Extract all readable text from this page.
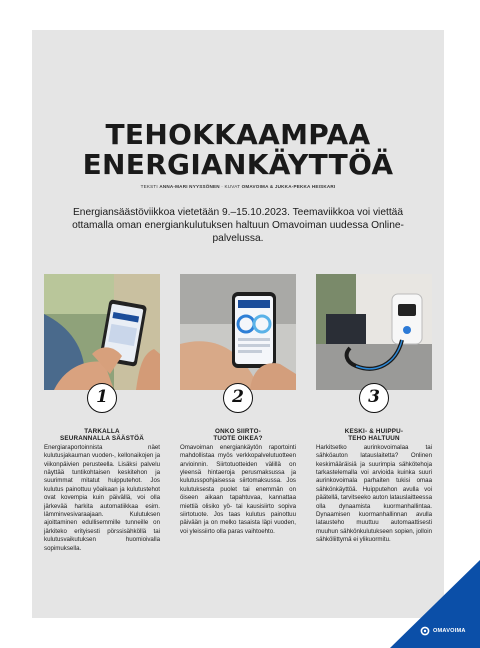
TEHOKKAAMPAA
ENERGIANKÄYTTÖÄ
TEKSTI ANNA-MARI NYYSSÖNEN · KUVAT OMAVOIMA & JUKKA-PEKKA HEISKARI
Energiansäästöviikkoa vietetään 9.–15.10.2023. Teemaviikkoa voi viettää ottamalla oman energiankulutuksen haltuun Omavoiman uudessa Online-palvelussa.
1	2	3
TARKALLA
SEURANNALLA SÄÄSTÖÄ

Energiaraportoinnista näet kulutusjakauman vuoden-, kellonaikojen ja viikonpäivien perusteella. Lisäksi palvelu näyttää tuntikohtaisen keskitehon ja suurimmat mitatut huipputehot. Jos kulutus painottuu yöaikaan ja kulutustehot ovat kovempia kuin päivällä, voi olla järkevää harkita automatiikkaa esim. lämminvesivaraajaan. Kulutuksen ajoittaminen edullisemmille tunneille on järkiteko erityisesti pörssisähköllä tai kulutusvaikutuksen huomioivalla sopimuksella.

ONKO SIIRTO-
TUOTE OIKEA?

Omavoiman energiankäytön raportointi mahdollistaa myös verkkopalvelutuotteen arvioinnin. Siirtotuotteiden välillä on yleensä hintaeroja perusmaksussa ja kulutusspohjaisessa siirtomaksussa. Jos kulutuksesta puolet tai enemmän on öiseen aikaan tapahtuvaa, kannattaa miettiä olisiko yö- tai kausisiirto sopiva siirtotuote. Jos taas kulutus painottuu päivään ja on melko tasaista läpi vuoden, voi yleissiirto olla paras vaihtoehto.

KESKI- & HUIPPU-
TEHO HALTUUN

Harkitsetko aurinkovoimalaa tai sähköauton latauslaitetta? Onlinen keskimääräisiä ja suurimpia sähkötehoja tarkastelemalla voi arvioida kuinka suuri aurinkovoimala parhaiten tukisi omaa sähkönkäyttöä. Huipputehon avulla voi päätellä, tarvitseeko auton latauslaitteessa olla dynaamista kuormanhallintaa. Dynaamisen kuormanhallinnan avulla latausteho muuttuu automaattisesti muuhun sähkönkulutukseen sopien, jolloin sähköliittymä ei ylikuormitu.

OMAVOIMA
